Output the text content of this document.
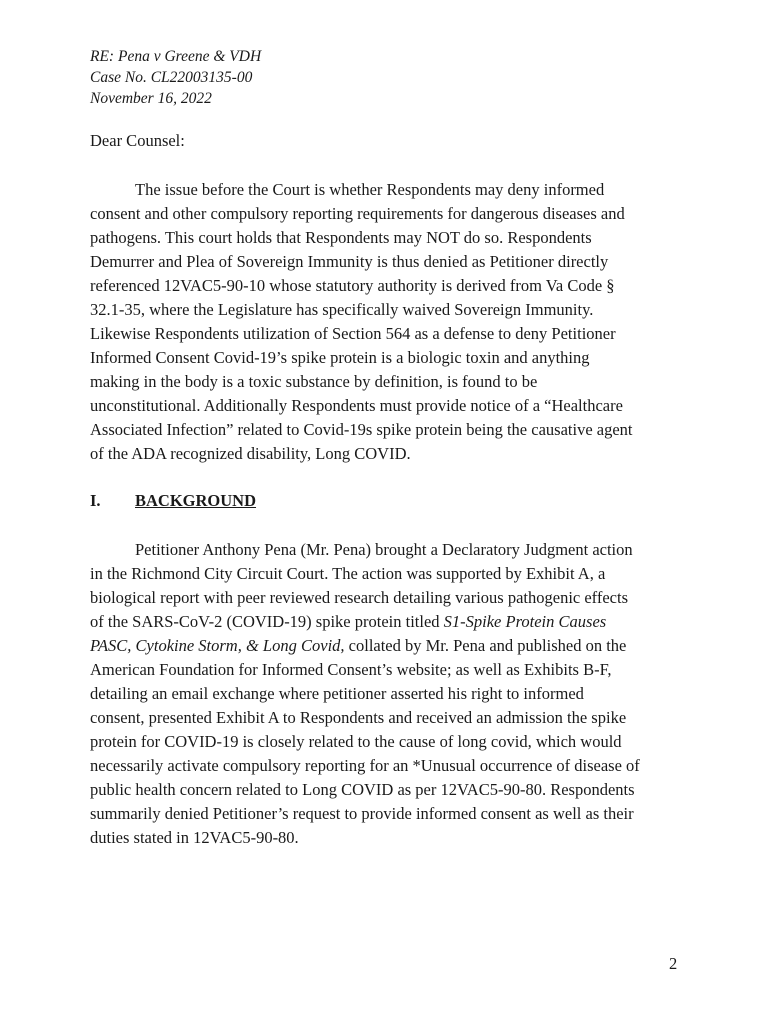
RE: Pena v Greene & VDH
Case No. CL22003135-00
November 16, 2022
Dear Counsel:
The issue before the Court is whether Respondents may deny informed
consent and other compulsory reporting requirements for dangerous diseases and
pathogens. This court holds that Respondents may NOT do so. Respondents
Demurrer and Plea of Sovereign Immunity is thus denied as Petitioner directly
referenced 12VAC5-90-10 whose statutory authority is derived from Va Code §
32.1-35, where the Legislature has specifically waived Sovereign Immunity.
Likewise Respondents utilization of Section 564 as a defense to deny Petitioner
Informed Consent Covid-19’s spike protein is a biologic toxin and anything
making in the body is a toxic substance by definition, is found to be
unconstitutional. Additionally Respondents must provide notice of a “Healthcare
Associated Infection” related to Covid-19s spike protein being the causative agent
of the ADA recognized disability, Long COVID.
I. BACKGROUND
Petitioner Anthony Pena (Mr. Pena) brought a Declaratory Judgment action
in the Richmond City Circuit Court. The action was supported by Exhibit A, a
biological report with peer reviewed research detailing various pathogenic effects
of the SARS-CoV-2 (COVID-19) spike protein titled S1-Spike Protein Causes
PASC, Cytokine Storm, & Long Covid, collated by Mr. Pena and published on the
American Foundation for Informed Consent’s website; as well as Exhibits B-F,
detailing an email exchange where petitioner asserted his right to informed
consent, presented Exhibit A to Respondents and received an admission the spike
protein for COVID-19 is closely related to the cause of long covid, which would
necessarily activate compulsory reporting for an *Unusual occurrence of disease of
public health concern related to Long COVID as per 12VAC5-90-80. Respondents
summarily denied Petitioner’s request to provide informed consent as well as their
duties stated in 12VAC5-90-80.
2
